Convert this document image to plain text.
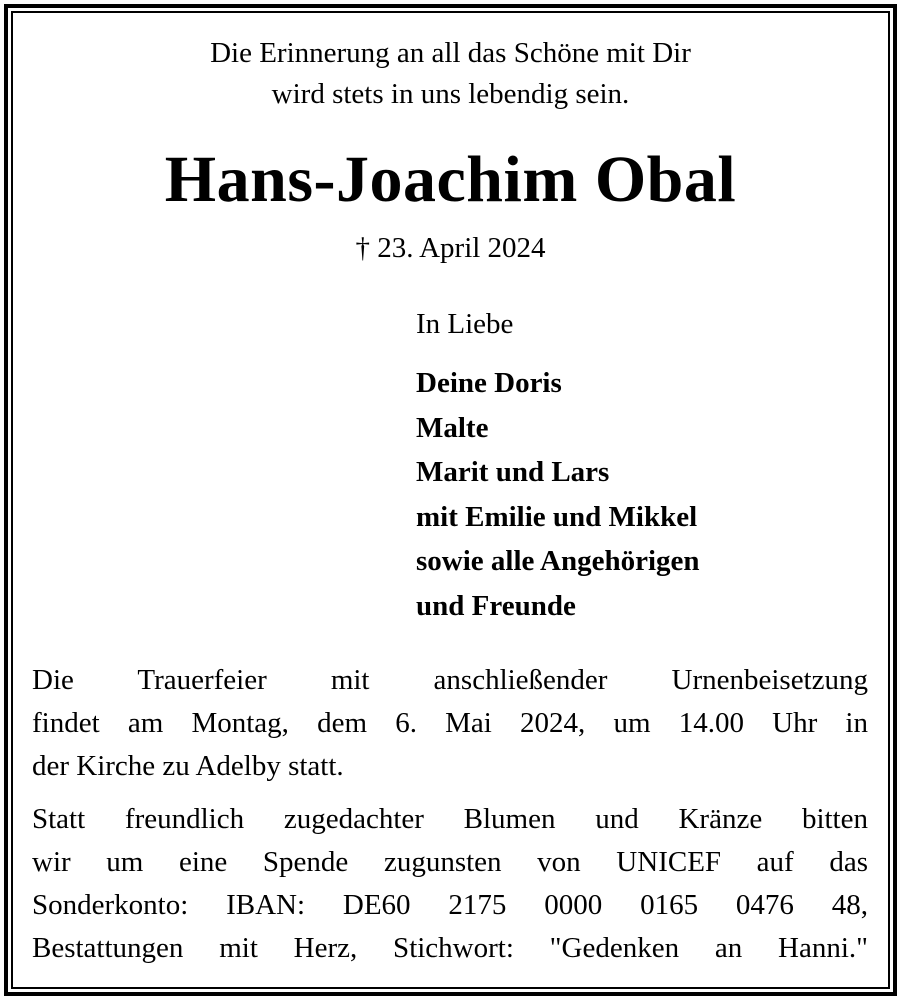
Die Erinnerung an all das Schöne mit Dir
wird stets in uns lebendig sein.
Hans-Joachim Obal
† 23. April 2024
In Liebe
Deine Doris
Malte
Marit und Lars
mit Emilie und Mikkel
sowie alle Angehörigen
und Freunde
Die Trauerfeier mit anschließender Urnenbeisetzung
findet am Montag, dem 6. Mai 2024, um 14.00 Uhr in
der Kirche zu Adelby statt.
Statt freundlich zugedachter Blumen und Kränze bitten
wir um eine Spende zugunsten von UNICEF auf das
Sonderkonto: IBAN: DE60 2175 0000 0165 0476 48,
Bestattungen mit Herz, Stichwort: "Gedenken an Hanni."
